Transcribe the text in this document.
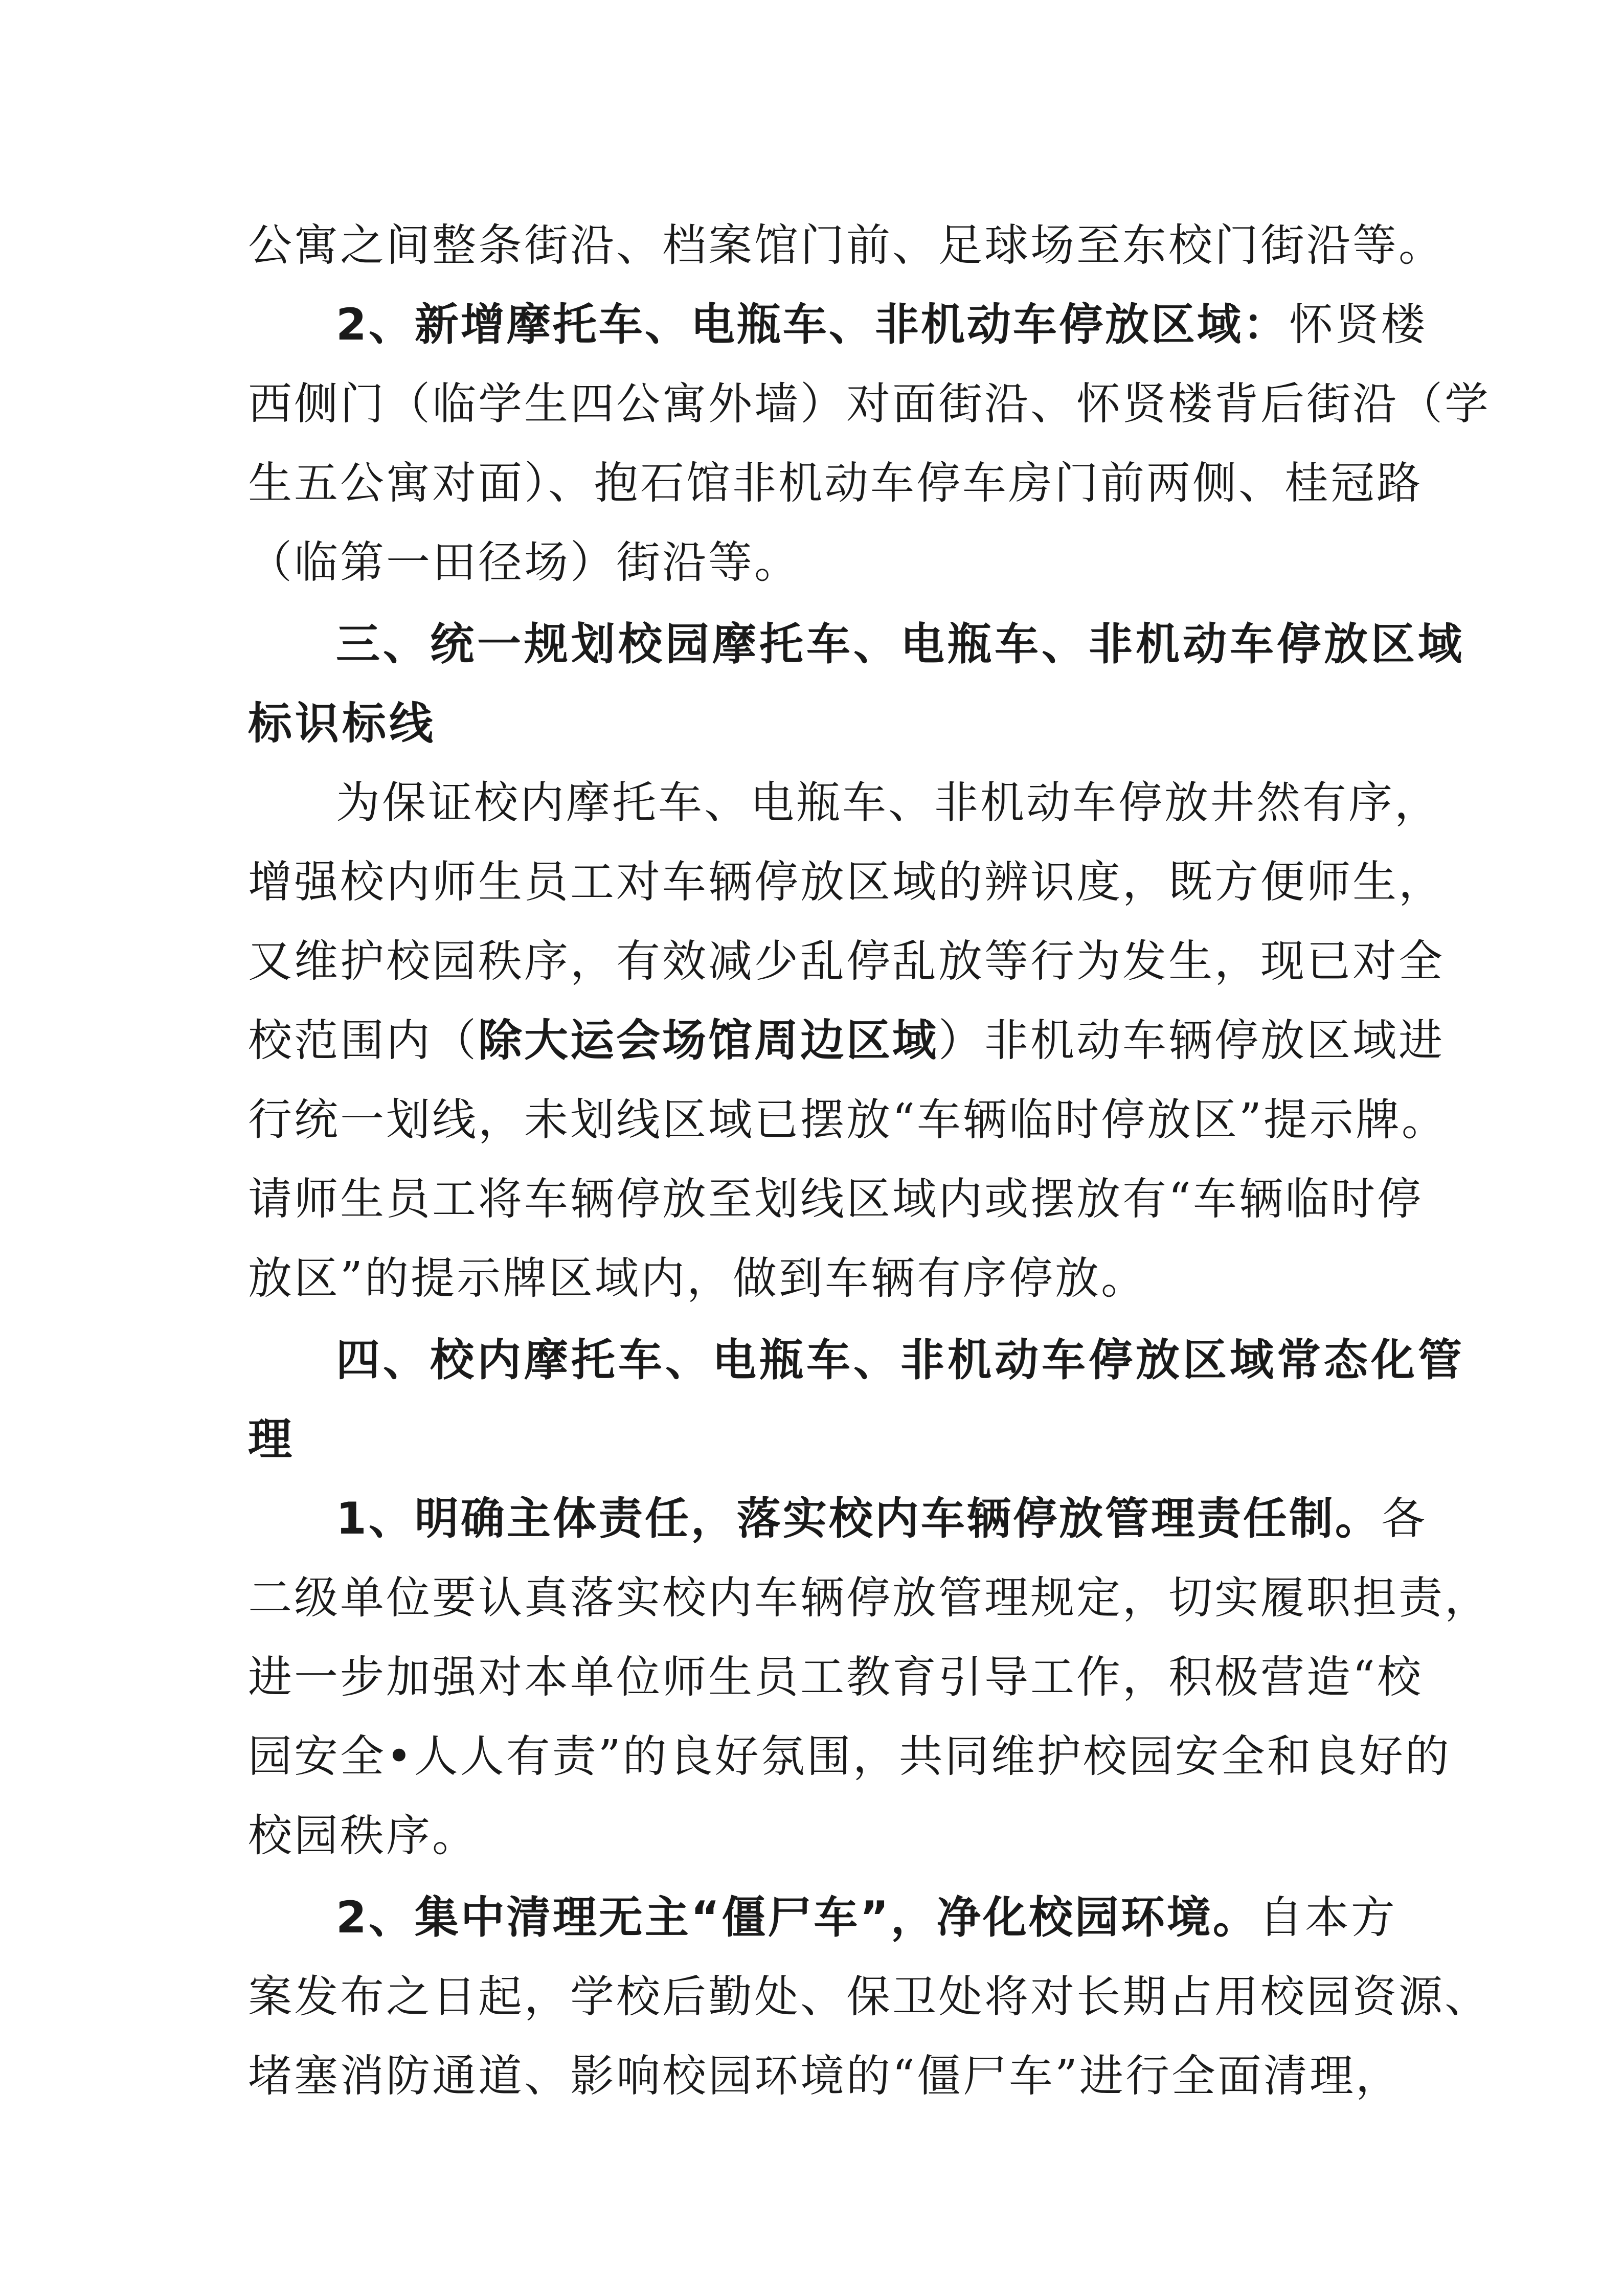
公寓之间整条街沿、档案馆门前、足球场至东校门街沿等。
2、新增摩托车、电瓶车、非机动车停放区域：怀贤楼
西侧门（临学生四公寓外墙）对面街沿、怀贤楼背后街沿（学
生五公寓对面）、抱石馆非机动车停车房门前两侧、桂冠路
（临第一田径场）街沿等。
三、统一规划校园摩托车、电瓶车、非机动车停放区域
标识标线
为保证校内摩托车、电瓶车、非机动车停放井然有序，
增强校内师生员工对车辆停放区域的辨识度，既方便师生，
又维护校园秩序，有效减少乱停乱放等行为发生，现已对全
校范围内（除大运会场馆周边区域）非机动车辆停放区域进
行统一划线，未划线区域已摆放“车辆临时停放区”提示牌。
请师生员工将车辆停放至划线区域内或摆放有“车辆临时停
放区”的提示牌区域内，做到车辆有序停放。
四、校内摩托车、电瓶车、非机动车停放区域常态化管
理
1、明确主体责任，落实校内车辆停放管理责任制。各
二级单位要认真落实校内车辆停放管理规定，切实履职担责，
进一步加强对本单位师生员工教育引导工作，积极营造“校
园安全•人人有责”的良好氛围，共同维护校园安全和良好的
校园秩序。
2、集中清理无主“僵尸车”，净化校园环境。自本方
案发布之日起，学校后勤处、保卫处将对长期占用校园资源、
堵塞消防通道、影响校园环境的“僵尸车”进行全面清理，
